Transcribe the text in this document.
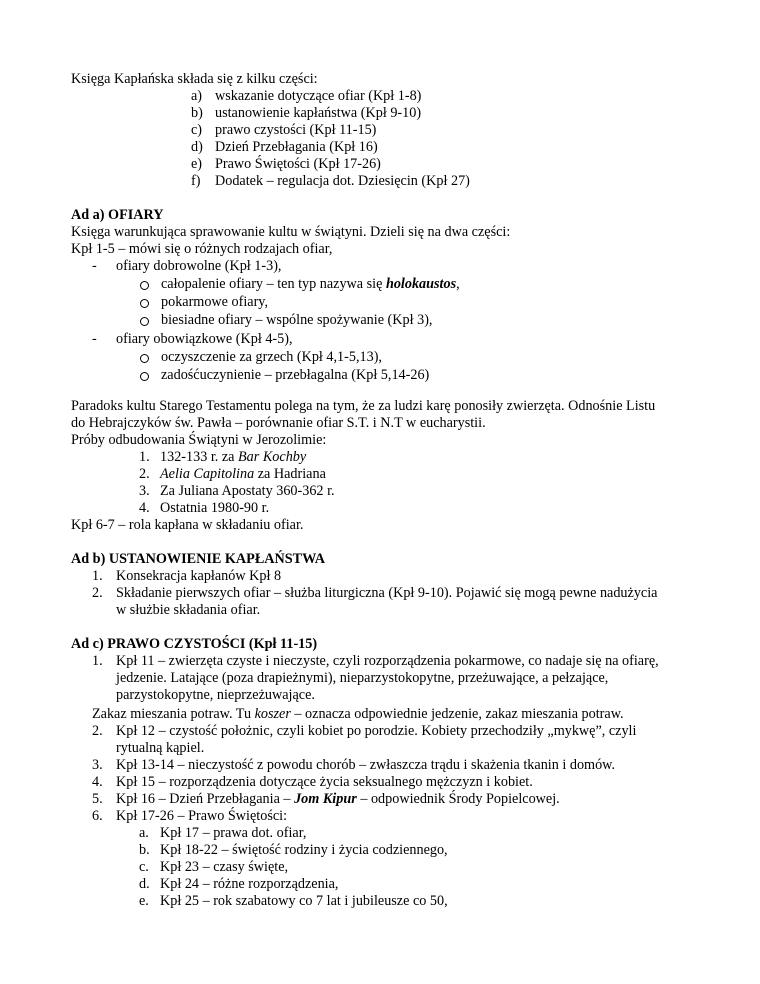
Księga Kapłańska składa się z kilku części:
a) wskazanie dotyczące ofiar (Kpł 1-8)
b) ustanowienie kapłaństwa (Kpł 9-10)
c) prawo czystości (Kpł 11-15)
d) Dzień Przebłagania (Kpł 16)
e) Prawo Świętości (Kpł 17-26)
f) Dodatek – regulacja dot. Dziesięcin (Kpł 27)
Ad a) OFIARY
Księga warunkująca sprawowanie kultu w świątyni. Dzieli się na dwa części:
Kpł 1-5 – mówi się o różnych rodzajach ofiar,
- ofiary dobrowolne (Kpł 1-3),
całopalenie ofiary – ten typ nazywa się holokaustos,
pokarmowe ofiary,
biesiadne ofiary – wspólne spożywanie (Kpł 3),
- ofiary obowiązkowe (Kpł 4-5),
oczyszczenie za grzech (Kpł 4,1-5,13),
zadośćuczynienie – przebłagalna (Kpł 5,14-26)
Paradoks kultu Starego Testamentu polega na tym, że za ludzi karę ponosiły zwierzęta. Odnośnie Listu
do Hebrajczyków św. Pawła – porównanie ofiar S.T. i N.T w eucharystii.
Próby odbudowania Świątyni w Jerozolimie:
1. 132-133 r. za Bar Kochby
2. Aelia Capitolina za Hadriana
3. Za Juliana Apostaty 360-362 r.
4. Ostatnia 1980-90 r.
Kpł 6-7 – rola kapłana w składaniu ofiar.
Ad b) USTANOWIENIE KAPŁAŃSTWA
1. Konsekracja kapłanów Kpł 8
2. Składanie pierwszych ofiar – służba liturgiczna (Kpł 9-10). Pojawić się mogą pewne nadużycia
w służbie składania ofiar.
Ad c) PRAWO CZYSTOŚCI (Kpł 11-15)
1. Kpł 11 – zwierzęta czyste i nieczyste, czyli rozporządzenia pokarmowe, co nadaje się na ofiarę,
jedzenie. Latające (poza drapieżnymi), nieparzystokopytne, przeżuwające, a pełzające,
parzystokopytne, nieprzeżuwające.
Zakaz mieszania potraw. Tu koszer – oznacza odpowiednie jedzenie, zakaz mieszania potraw.
2. Kpł 12 – czystość położnic, czyli kobiet po porodzie. Kobiety przechodziły „mykwę”, czyli
rytualną kąpiel.
3. Kpł 13-14 – nieczystość z powodu chorób – zwłaszcza trądu i skażenia tkanin i domów.
4. Kpł 15 – rozporządzenia dotyczące życia seksualnego mężczyzn i kobiet.
5. Kpł 16 – Dzień Przebłagania – Jom Kipur – odpowiednik Środy Popielcowej.
6. Kpł 17-26 – Prawo Świętości:
a. Kpł 17 – prawa dot. ofiar,
b. Kpł 18-22 – świętość rodziny i życia codziennego,
c. Kpł 23 – czasy święte,
d. Kpł 24 – różne rozporządzenia,
e. Kpł 25 – rok szabatowy co 7 lat i jubileusze co 50,
